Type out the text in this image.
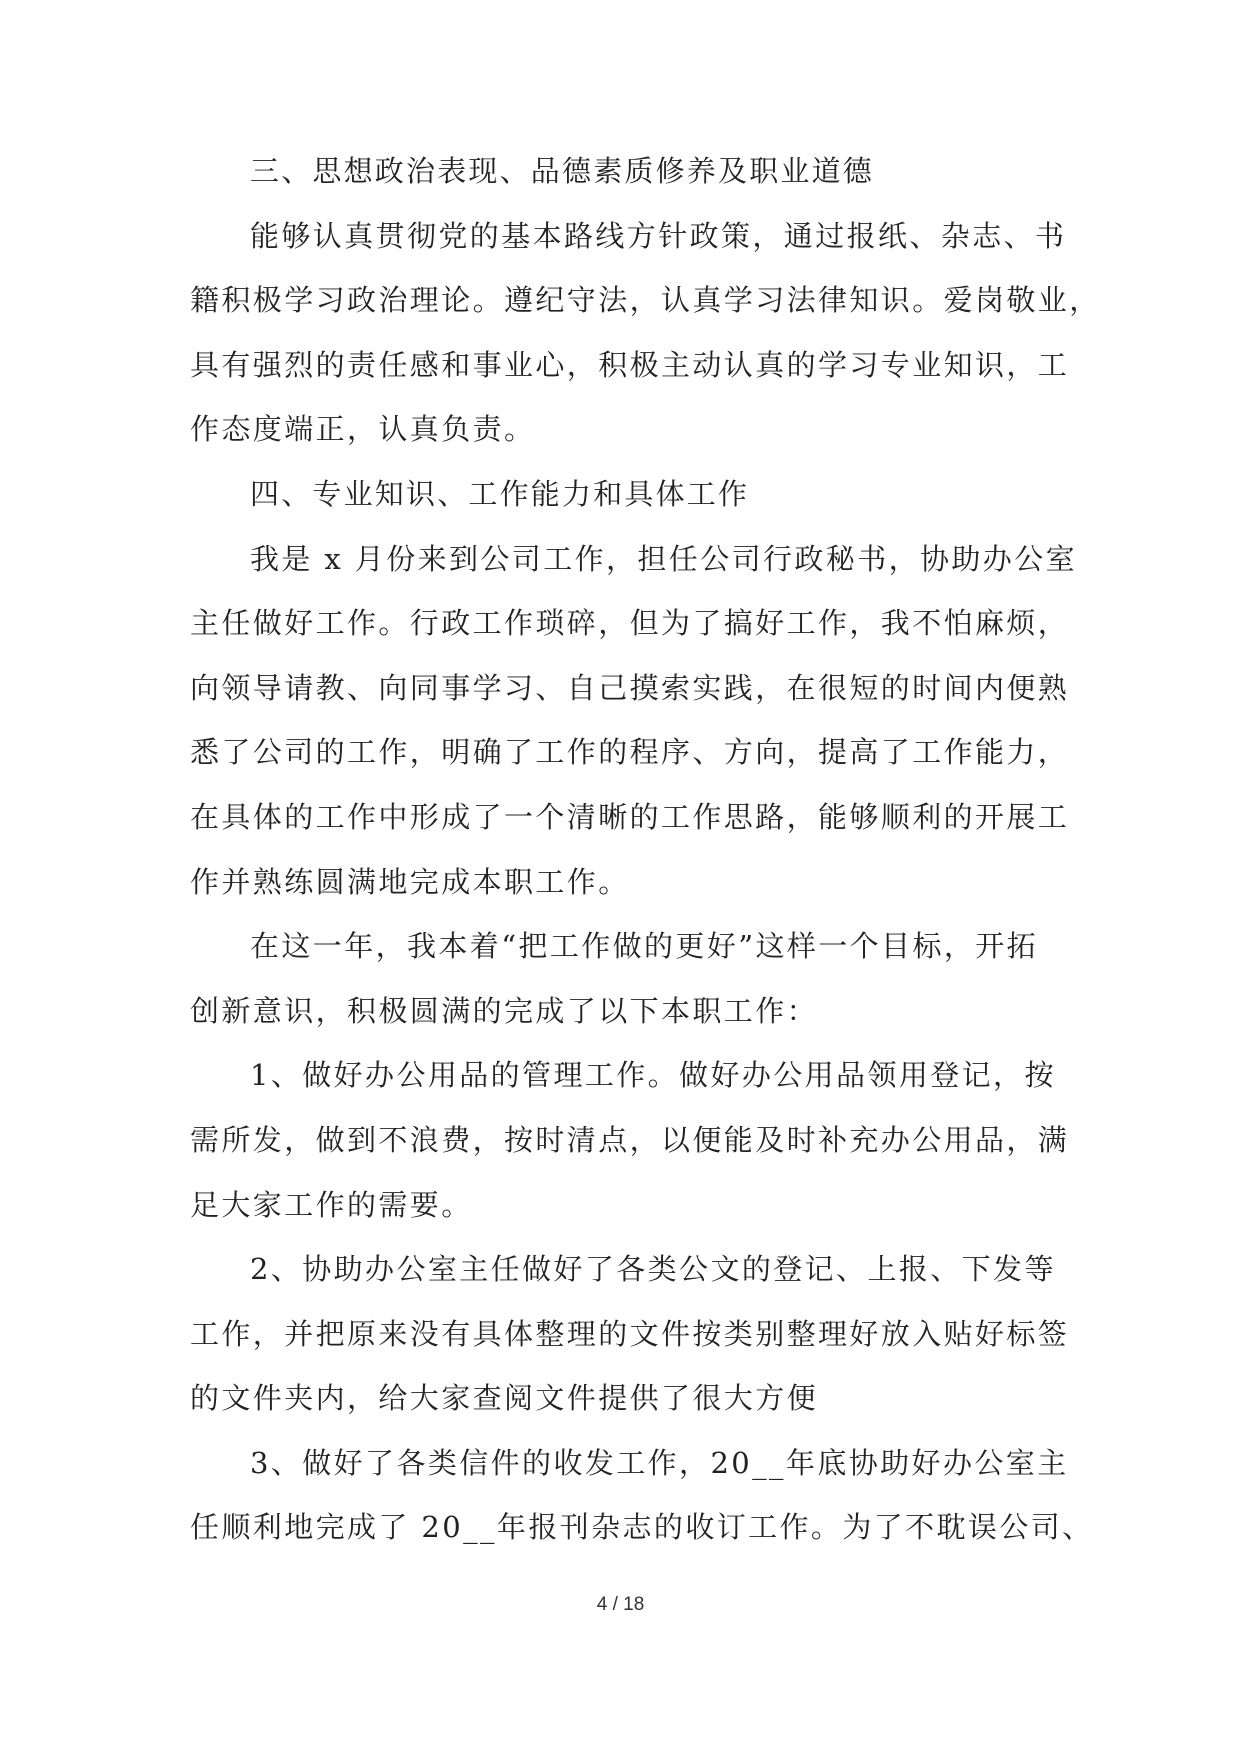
三、思想政治表现、品德素质修养及职业道德
能够认真贯彻党的基本路线方针政策，通过报纸、杂志、书
籍积极学习政治理论。遵纪守法，认真学习法律知识。爱岗敬业，
具有强烈的责任感和事业心，积极主动认真的学习专业知识，工
作态度端正，认真负责。
四、专业知识、工作能力和具体工作
我是 x 月份来到公司工作，担任公司行政秘书，协助办公室
主任做好工作。行政工作琐碎，但为了搞好工作，我不怕麻烦，
向领导请教、向同事学习、自己摸索实践，在很短的时间内便熟
悉了公司的工作，明确了工作的程序、方向，提高了工作能力，
在具体的工作中形成了一个清晰的工作思路，能够顺利的开展工
作并熟练圆满地完成本职工作。
在这一年，我本着“把工作做的更好”这样一个目标，开拓
创新意识，积极圆满的完成了以下本职工作：
1、做好办公用品的管理工作。做好办公用品领用登记，按
需所发，做到不浪费，按时清点，以便能及时补充办公用品，满
足大家工作的需要。
2、协助办公室主任做好了各类公文的登记、上报、下发等
工作，并把原来没有具体整理的文件按类别整理好放入贴好标签
的文件夹内，给大家查阅文件提供了很大方便
3、做好了各类信件的收发工作，20__年底协助好办公室主
任顺利地完成了 20__年报刊杂志的收订工作。为了不耽误公司、
4 / 18
